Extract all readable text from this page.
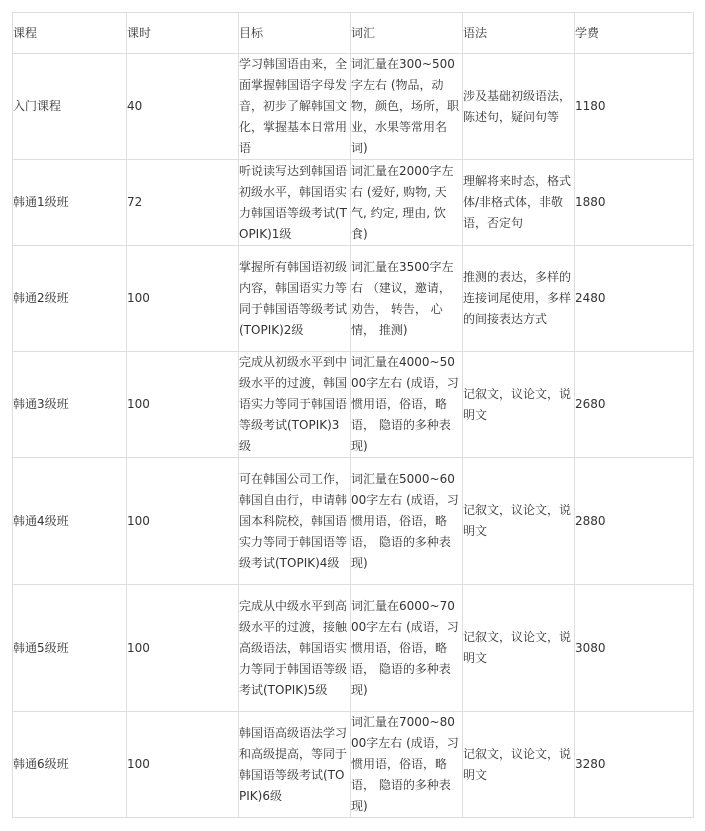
课程	课时	目标	词汇	语法	学费
入门课程	40	学习韩国语由来，全面掌握韩国语字母发音，初步了解韩国文化，掌握基本日常用语	词汇量在300~500字左右 (物品，动物，颜色，场所，职业，水果等常用名词)	涉及基础初级语法，陈述句，疑问句等	1180
韩通1级班	72	听说读写达到韩国语初级水平，韩国语实力韩国语等级考试(TOPIK)1级	词汇量在2000字左右 (爱好, 购物, 天气, 约定, 理由, 饮食)	理解将来时态，格式体/非格式体，非敬语，否定句	1880
韩通2级班	100	掌握所有韩国语初级内容，韩国语实力等同于韩国语等级考试(TOPIK)2级	词汇量在3500字左右 （建议，邀请，劝告， 转告， 心情， 推测)	推测的表达，多样的连接词尾使用，多样的间接表达方式	2480
韩通3级班	100	完成从初级水平到中级水平的过渡，韩国语实力等同于韩国语等级考试(TOPIK)3级	词汇量在4000~5000字左右 (成语，习惯用语，俗语，略语， 隐语的多种表现)	记叙文，议论文，说明文	2680
韩通4级班	100	可在韩国公司工作，韩国自由行，申请韩国本科院校，韩国语实力等同于韩国语等级考试(TOPIK)4级	词汇量在5000~6000字左右 (成语，习惯用语，俗语，略语， 隐语的多种表现)	记叙文，议论文，说明文	2880
韩通5级班	100	完成从中级水平到高级水平的过渡，接触高级语法，韩国语实力等同于韩国语等级考试(TOPIK)5级	词汇量在6000~7000字左右 (成语，习惯用语，俗语，略语， 隐语的多种表现)	记叙文，议论文，说明文	3080
韩通6级班	100	韩国语高级语法学习和高级提高，等同于韩国语等级考试(TOPIK)6级	词汇量在7000~8000字左右 (成语，习惯用语，俗语，略语， 隐语的多种表现)	记叙文，议论文，说明文	3280
